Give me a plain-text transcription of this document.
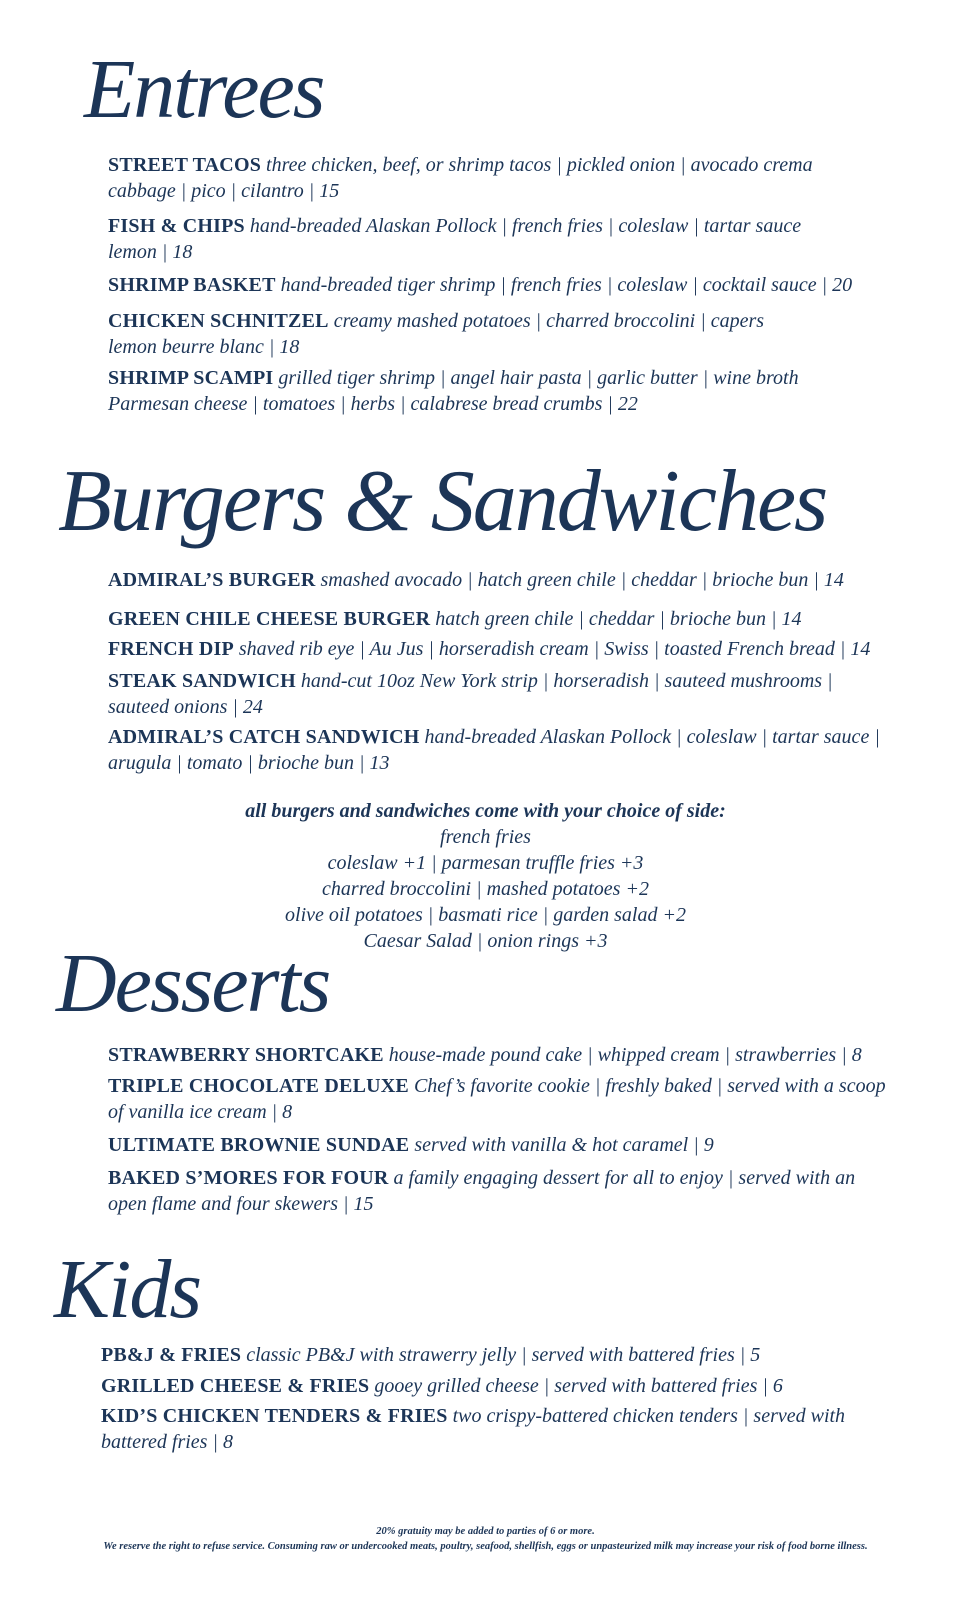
Entrees
STREET TACOS three chicken, beef, or shrimp tacos | pickled onion | avocado crema
cabbage | pico | cilantro | 15
FISH & CHIPS hand-breaded Alaskan Pollock | french fries | coleslaw | tartar sauce
lemon | 18
SHRIMP BASKET hand-breaded tiger shrimp | french fries | coleslaw | cocktail sauce | 20
CHICKEN SCHNITZEL creamy mashed potatoes | charred broccolini | capers
lemon beurre blanc | 18
SHRIMP SCAMPI grilled tiger shrimp | angel hair pasta | garlic butter | wine broth
Parmesan cheese | tomatoes | herbs | calabrese bread crumbs | 22
Burgers & Sandwiches
ADMIRAL’S BURGER smashed avocado | hatch green chile | cheddar | brioche bun | 14
GREEN CHILE CHEESE BURGER hatch green chile | cheddar | brioche bun | 14
FRENCH DIP shaved rib eye | Au Jus | horseradish cream | Swiss | toasted French bread | 14
STEAK SANDWICH hand-cut 10oz New York strip | horseradish | sauteed mushrooms |
sauteed onions | 24
ADMIRAL’S CATCH SANDWICH hand-breaded Alaskan Pollock | coleslaw | tartar sauce |
arugula | tomato | brioche bun | 13
all burgers and sandwiches come with your choice of side:
french fries
coleslaw +1 | parmesan truffle fries +3
charred broccolini | mashed potatoes +2
olive oil potatoes | basmati rice | garden salad +2
Caesar Salad | onion rings +3
Desserts
STRAWBERRY SHORTCAKE house-made pound cake | whipped cream | strawberries | 8
TRIPLE CHOCOLATE DELUXE Chef’s favorite cookie | freshly baked | served with a scoop
of vanilla ice cream | 8
ULTIMATE BROWNIE SUNDAE served with vanilla & hot caramel | 9
BAKED S’MORES FOR FOUR a family engaging dessert for all to enjoy | served with an
open flame and four skewers | 15
Kids
PB&J & FRIES classic PB&J with strawerry jelly | served with battered fries | 5
GRILLED CHEESE & FRIES gooey grilled cheese | served with battered fries | 6
KID’S CHICKEN TENDERS & FRIES two crispy-battered chicken tenders | served with
battered fries | 8
20% gratuity may be added to parties of 6 or more.
We reserve the right to refuse service. Consuming raw or undercooked meats, poultry, seafood, shellfish, eggs or unpasteurized milk may increase your risk of food borne illness.
